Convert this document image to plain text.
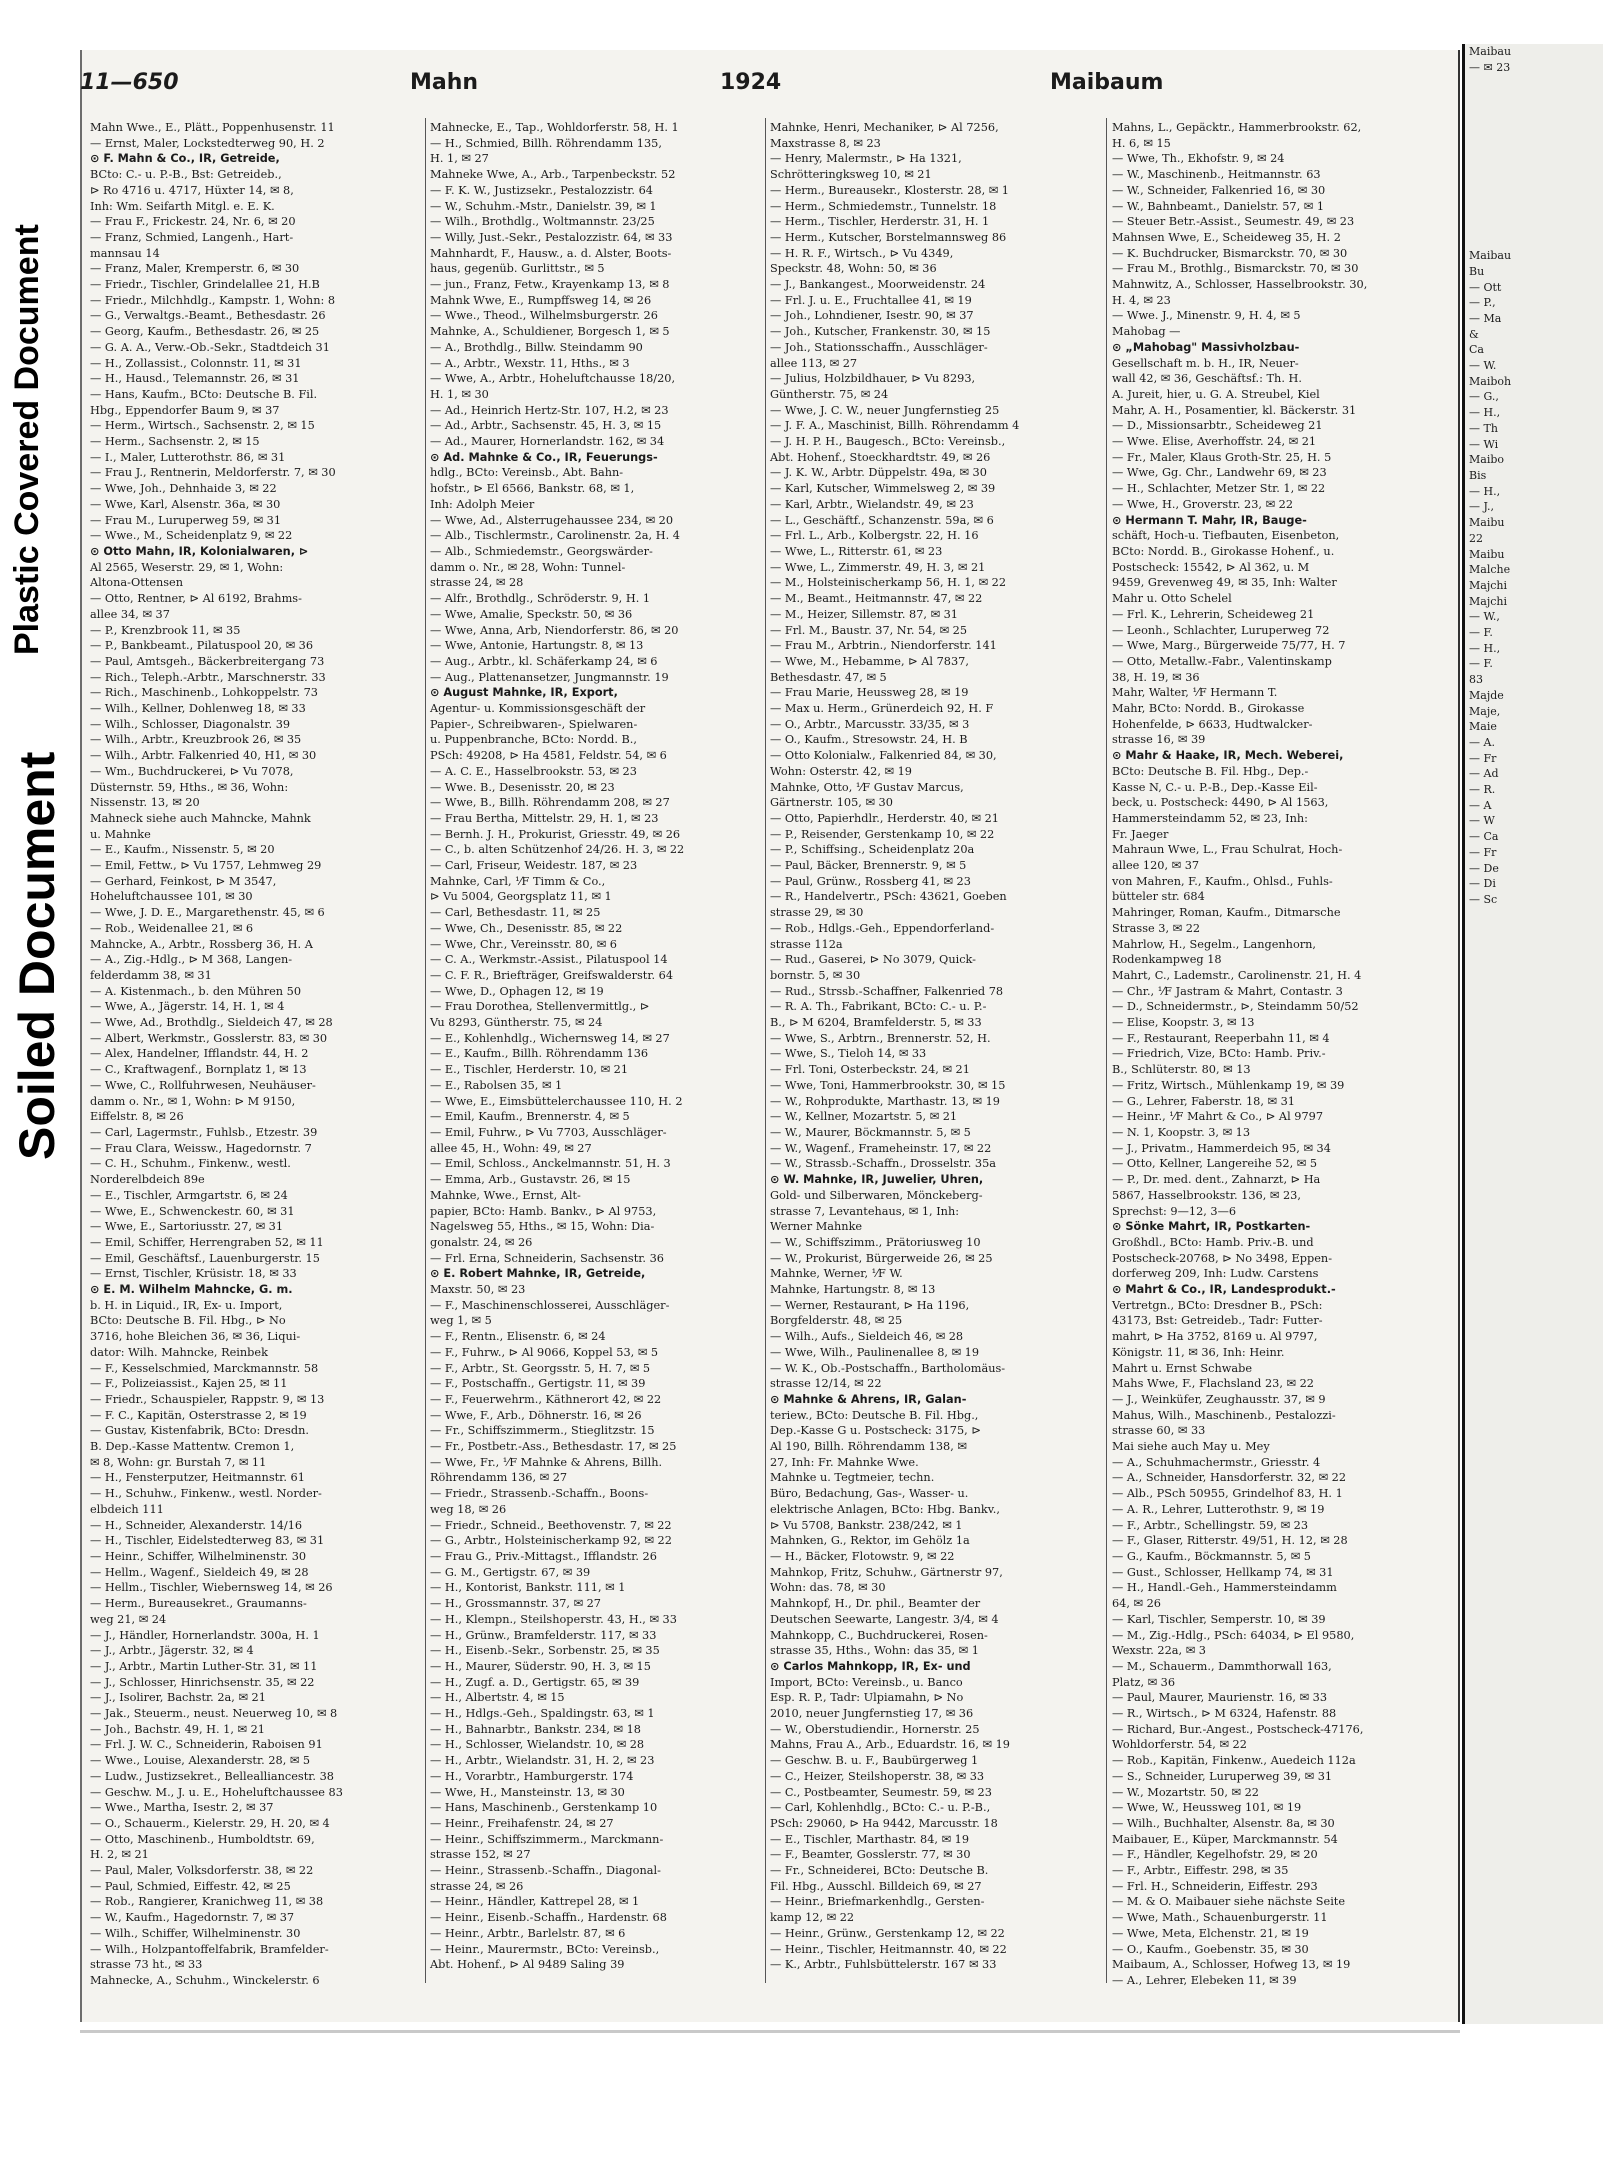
Plastic Covered Document
Soiled Document
11—650	Mahn	1924	Maibaum
Mahn Wwe., E., Plätt., Poppenhusenstr. 11
— Ernst, Maler, Lockstedterweg 90, H. 2
⊙ F. Mahn & Co., IR, Getreide,
BCto: C.- u. P.-B., Bst: Getreideb.,
⊳ Ro 4716 u. 4717, Hüxter 14, ✉ 8,
Inh: Wm. Seifarth Mitgl. e. E. K.
— Frau F., Frickestr. 24, Nr. 6, ✉ 20
— Franz, Schmied, Langenh., Hart-
mannsau 14
— Franz, Maler, Kremperstr. 6, ✉ 30
— Friedr., Tischler, Grindelallee 21, H.B
— Friedr., Milchhdlg., Kampstr. 1, Wohn: 8
— G., Verwaltgs.-Beamt., Bethesdastr. 26
— Georg, Kaufm., Bethesdastr. 26, ✉ 25
— G. A. A., Verw.-Ob.-Sekr., Stadtdeich 31
— H., Zollassist., Colonnstr. 11, ✉ 31
— H., Hausd., Telemannstr. 26, ✉ 31
— Hans, Kaufm., BCto: Deutsche B. Fil.
Hbg., Eppendorfer Baum 9, ✉ 37
— Herm., Wirtsch., Sachsenstr. 2, ✉ 15
— Herm., Sachsenstr. 2, ✉ 15
— I., Maler, Lutterothstr. 86, ✉ 31
— Frau J., Rentnerin, Meldorferstr. 7, ✉ 30
— Wwe, Joh., Dehnhaide 3, ✉ 22
— Wwe, Karl, Alsenstr. 36a, ✉ 30
— Frau M., Luruperweg 59, ✉ 31
— Wwe., M., Scheidenplatz 9, ✉ 22
⊙ Otto Mahn, IR, Kolonialwaren, ⊳
Al 2565, Weserstr. 29, ✉ 1, Wohn:
Altona-Ottensen
— Otto, Rentner, ⊳ Al 6192, Brahms-
allee 34, ✉ 37
— P., Krenzbrook 11, ✉ 35
— P., Bankbeamt., Pilatuspool 20, ✉ 36
— Paul, Amtsgeh., Bäckerbreitergang 73
— Rich., Teleph.-Arbtr., Marschnerstr. 33
— Rich., Maschinenb., Lohkoppelstr. 73
— Wilh., Kellner, Dohlenweg 18, ✉ 33
— Wilh., Schlosser, Diagonalstr. 39
— Wilh., Arbtr., Kreuzbrook 26, ✉ 35
— Wilh., Arbtr. Falkenried 40, H1, ✉ 30
— Wm., Buchdruckerei, ⊳ Vu 7078,
Düsternstr. 59, Hths., ✉ 36, Wohn:
Nissenstr. 13, ✉ 20
Mahneck siehe auch Mahncke, Mahnk
u. Mahnke
— E., Kaufm., Nissenstr. 5, ✉ 20
— Emil, Fettw., ⊳ Vu 1757, Lehmweg 29
— Gerhard, Feinkost, ⊳ M 3547,
Hoheluftchaussee 101, ✉ 30
— Wwe, J. D. E., Margarethenstr. 45, ✉ 6
— Rob., Weidenallee 21, ✉ 6
Mahncke, A., Arbtr., Rossberg 36, H. A
— A., Zig.-Hdlg., ⊳ M 368, Langen-
felderdamm 38, ✉ 31
— A. Kistenmach., b. den Mühren 50
— Wwe, A., Jägerstr. 14, H. 1, ✉ 4
— Wwe, Ad., Brothdlg., Sieldeich 47, ✉ 28
— Albert, Werkmstr., Gosslerstr. 83, ✉ 30
— Alex, Handelner, Ifflandstr. 44, H. 2
— C., Kraftwagenf., Bornplatz 1, ✉ 13
— Wwe, C., Rollfuhrwesen, Neuhäuser-
damm o. Nr., ✉ 1, Wohn: ⊳ M 9150,
Eiffelstr. 8, ✉ 26
— Carl, Lagermstr., Fuhlsb., Etzestr. 39
— Frau Clara, Weissw., Hagedornstr. 7
— C. H., Schuhm., Finkenw., westl.
Norderelbdeich 89e
— E., Tischler, Armgartstr. 6, ✉ 24
— Wwe, E., Schwenckestr. 60, ✉ 31
— Wwe, E., Sartoriusstr. 27, ✉ 31
— Emil, Schiffer, Herrengraben 52, ✉ 11
— Emil, Geschäftsf., Lauenburgerstr. 15
— Ernst, Tischler, Krüsistr. 18, ✉ 33
⊙ E. M. Wilhelm Mahncke, G. m.
b. H. in Liquid., IR, Ex- u. Import,
BCto: Deutsche B. Fil. Hbg., ⊳ No
3716, hohe Bleichen 36, ✉ 36, Liqui-
dator: Wilh. Mahncke, Reinbek
— F., Kesselschmied, Marckmannstr. 58
— F., Polizeiassist., Kajen 25, ✉ 11
— Friedr., Schauspieler, Rappstr. 9, ✉ 13
— F. C., Kapitän, Osterstrasse 2, ✉ 19
— Gustav, Kistenfabrik, BCto: Dresdn.
B. Dep.-Kasse Mattentw. Cremon 1,
✉ 8, Wohn: gr. Burstah 7, ✉ 11
— H., Fensterputzer, Heitmannstr. 61
— H., Schuhw., Finkenw., westl. Norder-
elbdeich 111
— H., Schneider, Alexanderstr. 14/16
— H., Tischler, Eidelstedterweg 83, ✉ 31
— Heinr., Schiffer, Wilhelminenstr. 30
— Hellm., Wagenf., Sieldeich 49, ✉ 28
— Hellm., Tischler, Wiebernsweg 14, ✉ 26
— Herm., Bureausekret., Graumanns-
weg 21, ✉ 24
— J., Händler, Hornerlandstr. 300a, H. 1
— J., Arbtr., Jägerstr. 32, ✉ 4
— J., Arbtr., Martin Luther-Str. 31, ✉ 11
— J., Schlosser, Hinrichsenstr. 35, ✉ 22
— J., Isolirer, Bachstr. 2a, ✉ 21
— Jak., Steuerm., neust. Neuerweg 10, ✉ 8
— Joh., Bachstr. 49, H. 1, ✉ 21
— Frl. J. W. C., Schneiderin, Raboisen 91
— Wwe., Louise, Alexanderstr. 28, ✉ 5
— Ludw., Justizsekret., Bellealliancestr. 38
— Geschw. M., J. u. E., Hoheluftchaussee 83
— Wwe., Martha, Isestr. 2, ✉ 37
— O., Schauerm., Kielerstr. 29, H. 20, ✉ 4
— Otto, Maschinenb., Humboldtstr. 69,
H. 2, ✉ 21
— Paul, Maler, Volksdorferstr. 38, ✉ 22
— Paul, Schmied, Eiffestr. 42, ✉ 25
— Rob., Rangierer, Kranichweg 11, ✉ 38
— W., Kaufm., Hagedornstr. 7, ✉ 37
— Wilh., Schiffer, Wilhelminenstr. 30
— Wilh., Holzpantoffelfabrik, Bramfelder-
strasse 73 ht., ✉ 33
Mahnecke, A., Schuhm., Winckelerstr. 6
Mahnecke, E., Tap., Wohldorferstr. 58, H. 1
— H., Schmied, Billh. Röhrendamm 135,
H. 1, ✉ 27
Mahneke Wwe, A., Arb., Tarpenbeckstr. 52
— F. K. W., Justizsekr., Pestalozzistr. 64
— W., Schuhm.-Mstr., Danielstr. 39, ✉ 1
— Wilh., Brothdlg., Woltmannstr. 23/25
— Willy, Just.-Sekr., Pestalozzistr. 64, ✉ 33
Mahnhardt, F., Hausw., a. d. Alster, Boots-
haus, gegenüb. Gurlittstr., ✉ 5
— jun., Franz, Fetw., Krayenkamp 13, ✉ 8
Mahnk Wwe, E., Rumpffsweg 14, ✉ 26
— Wwe., Theod., Wilhelmsburgerstr. 26
Mahnke, A., Schuldiener, Borgesch 1, ✉ 5
— A., Brothdlg., Billw. Steindamm 90
— A., Arbtr., Wexstr. 11, Hths., ✉ 3
— Wwe, A., Arbtr., Hoheluftchausse 18/20,
H. 1, ✉ 30
— Ad., Heinrich Hertz-Str. 107, H.2, ✉ 23
— Ad., Arbtr., Sachsenstr. 45, H. 3, ✉ 15
— Ad., Maurer, Hornerlandstr. 162, ✉ 34
⊙ Ad. Mahnke & Co., IR, Feuerungs-
hdlg., BCto: Vereinsb., Abt. Bahn-
hofstr., ⊳ El 6566, Bankstr. 68, ✉ 1,
Inh: Adolph Meier
— Wwe, Ad., Alsterrugehaussee 234, ✉ 20
— Alb., Tischlermstr., Carolinenstr. 2a, H. 4
— Alb., Schmiedemstr., Georgswärder-
damm o. Nr., ✉ 28, Wohn: Tunnel-
strasse 24, ✉ 28
— Alfr., Brothdlg., Schröderstr. 9, H. 1
— Wwe, Amalie, Speckstr. 50, ✉ 36
— Wwe, Anna, Arb, Niendorferstr. 86, ✉ 20
— Wwe, Antonie, Hartungstr. 8, ✉ 13
— Aug., Arbtr., kl. Schäferkamp 24, ✉ 6
— Aug., Plattenansetzer, Jungmannstr. 19
⊙ August Mahnke, IR, Export,
Agentur- u. Kommissionsgeschäft der
Papier-, Schreibwaren-, Spielwaren-
u. Puppenbranche, BCto: Nordd. B.,
PSch: 49208, ⊳ Ha 4581, Feldstr. 54, ✉ 6
— A. C. E., Hasselbrookstr. 53, ✉ 23
— Wwe. B., Desenisstr. 20, ✉ 23
— Wwe, B., Billh. Röhrendamm 208, ✉ 27
— Frau Bertha, Mittelstr. 29, H. 1, ✉ 23
— Bernh. J. H., Prokurist, Griesstr. 49, ✉ 26
— C., b. alten Schützenhof 24/26. H. 3, ✉ 22
— Carl, Friseur, Weidestr. 187, ✉ 23
Mahnke, Carl, ⅟F Timm & Co.,
⊳ Vu 5004, Georgsplatz 11, ✉ 1
— Carl, Bethesdastr. 11, ✉ 25
— Wwe, Ch., Desenisstr. 85, ✉ 22
— Wwe, Chr., Vereinsstr. 80, ✉ 6
— C. A., Werkmstr.-Assist., Pilatuspool 14
— C. F. R., Briefträger, Greifswalderstr. 64
— Wwe, D., Ophagen 12, ✉ 19
— Frau Dorothea, Stellenvermittlg., ⊳
Vu 8293, Güntherstr. 75, ✉ 24
— E., Kohlenhdlg., Wichernsweg 14, ✉ 27
— E., Kaufm., Billh. Röhrendamm 136
— E., Tischler, Herderstr. 10, ✉ 21
— E., Rabolsen 35, ✉ 1
— Wwe, E., Eimsbüttelerchaussee 110, H. 2
— Emil, Kaufm., Brennerstr. 4, ✉ 5
— Emil, Fuhrw., ⊳ Vu 7703, Ausschläger-
allee 45, H., Wohn: 49, ✉ 27
— Emil, Schloss., Anckelmannstr. 51, H. 3
— Emma, Arb., Gustavstr. 26, ✉ 15
Mahnke, Wwe., Ernst, Alt-
papier, BCto: Hamb. Bankv., ⊳ Al 9753,
Nagelsweg 55, Hths., ✉ 15, Wohn: Dia-
gonalstr. 24, ✉ 26
— Frl. Erna, Schneiderin, Sachsenstr. 36
⊙ E. Robert Mahnke, IR, Getreide,
Maxstr. 50, ✉ 23
— F., Maschinenschlosserei, Ausschläger-
weg 1, ✉ 5
— F., Rentn., Elisenstr. 6, ✉ 24
— F., Fuhrw., ⊳ Al 9066, Koppel 53, ✉ 5
— F., Arbtr., St. Georgsstr. 5, H. 7, ✉ 5
— F., Postschaffn., Gertigstr. 11, ✉ 39
— F., Feuerwehrm., Käthnerort 42, ✉ 22
— Wwe, F., Arb., Döhnerstr. 16, ✉ 26
— Fr., Schiffszimmerm., Stieglitzstr. 15
— Fr., Postbetr.-Ass., Bethesdastr. 17, ✉ 25
— Wwe, Fr., ⅟F Mahnke & Ahrens, Billh.
Röhrendamm 136, ✉ 27
— Friedr., Strassenb.-Schaffn., Boons-
weg 18, ✉ 26
— Friedr., Schneid., Beethovenstr. 7, ✉ 22
— G., Arbtr., Holsteinischerkamp 92, ✉ 22
— Frau G., Priv.-Mittagst., Ifflandstr. 26
— G. M., Gertigstr. 67, ✉ 39
— H., Kontorist, Bankstr. 111, ✉ 1
— H., Grossmannstr. 37, ✉ 27
— H., Klempn., Steilshoperstr. 43, H., ✉ 33
— H., Grünw., Bramfelderstr. 117, ✉ 33
— H., Eisenb.-Sekr., Sorbenstr. 25, ✉ 35
— H., Maurer, Süderstr. 90, H. 3, ✉ 15
— H., Zugf. a. D., Gertigstr. 65, ✉ 39
— H., Albertstr. 4, ✉ 15
— H., Hdlgs.-Geh., Spaldingstr. 63, ✉ 1
— H., Bahnarbtr., Bankstr. 234, ✉ 18
— H., Schlosser, Wielandstr. 10, ✉ 28
— H., Arbtr., Wielandstr. 31, H. 2, ✉ 23
— H., Vorarbtr., Hamburgerstr. 174
— Wwe, H., Mansteinstr. 13, ✉ 30
— Hans, Maschinenb., Gerstenkamp 10
— Heinr., Freihafenstr. 24, ✉ 27
— Heinr., Schiffszimmerm., Marckmann-
strasse 152, ✉ 27
— Heinr., Strassenb.-Schaffn., Diagonal-
strasse 24, ✉ 26
— Heinr., Händler, Kattrepel 28, ✉ 1
— Heinr., Eisenb.-Schaffn., Hardenstr. 68
— Heinr., Arbtr., Barlelstr. 87, ✉ 6
— Heinr., Maurermstr., BCto: Vereinsb.,
Abt. Hohenf., ⊳ Al 9489 Saling 39
Mahnke, Henri, Mechaniker, ⊳ Al 7256,
Maxstrasse 8, ✉ 23
— Henry, Malermstr., ⊳ Ha 1321,
Schrötteringksweg 10, ✉ 21
— Herm., Bureausekr., Klosterstr. 28, ✉ 1
— Herm., Schmiedemstr., Tunnelstr. 18
— Herm., Tischler, Herderstr. 31, H. 1
— Herm., Kutscher, Borstelmannsweg 86
— H. R. F., Wirtsch., ⊳ Vu 4349,
Speckstr. 48, Wohn: 50, ✉ 36
— J., Bankangest., Moorweidenstr. 24
— Frl. J. u. E., Fruchtallee 41, ✉ 19
— Joh., Lohndiener, Isestr. 90, ✉ 37
— Joh., Kutscher, Frankenstr. 30, ✉ 15
— Joh., Stationsschaffn., Ausschläger-
allee 113, ✉ 27
— Julius, Holzbildhauer, ⊳ Vu 8293,
Güntherstr. 75, ✉ 24
— Wwe, J. C. W., neuer Jungfernstieg 25
— J. F. A., Maschinist, Billh. Röhrendamm 4
— J. H. P. H., Baugesch., BCto: Vereinsb.,
Abt. Hohenf., Stoeckhardtstr. 49, ✉ 26
— J. K. W., Arbtr. Düppelstr. 49a, ✉ 30
— Karl, Kutscher, Wimmelsweg 2, ✉ 39
— Karl, Arbtr., Wielandstr. 49, ✉ 23
— L., Geschäftf., Schanzenstr. 59a, ✉ 6
— Frl. L., Arb., Kolbergstr. 22, H. 16
— Wwe, L., Ritterstr. 61, ✉ 23
— Wwe, L., Zimmerstr. 49, H. 3, ✉ 21
— M., Holsteinischerkamp 56, H. 1, ✉ 22
— M., Beamt., Heitmannstr. 47, ✉ 22
— M., Heizer, Sillemstr. 87, ✉ 31
— Frl. M., Baustr. 37, Nr. 54, ✉ 25
— Frau M., Arbtrin., Niendorferstr. 141
— Wwe, M., Hebamme, ⊳ Al 7837,
Bethesdastr. 47, ✉ 5
— Frau Marie, Heussweg 28, ✉ 19
— Max u. Herm., Grünerdeich 92, H. F
— O., Arbtr., Marcusstr. 33/35, ✉ 3
— O., Kaufm., Stresowstr. 24, H. B
— Otto Kolonialw., Falkenried 84, ✉ 30,
Wohn: Osterstr. 42, ✉ 19
Mahnke, Otto, ⅟F Gustav Marcus,
Gärtnerstr. 105, ✉ 30
— Otto, Papierhdlr., Herderstr. 40, ✉ 21
— P., Reisender, Gerstenkamp 10, ✉ 22
— P., Schiffsing., Scheidenplatz 20a
— Paul, Bäcker, Brennerstr. 9, ✉ 5
— Paul, Grünw., Rossberg 41, ✉ 23
— R., Handelvertr., PSch: 43621, Goeben
strasse 29, ✉ 30
— Rob., Hdlgs.-Geh., Eppendorferland-
strasse 112a
— Rud., Gaserei, ⊳ No 3079, Quick-
bornstr. 5, ✉ 30
— Rud., Strssb.-Schaffner, Falkenried 78
— R. A. Th., Fabrikant, BCto: C.- u. P.-
B., ⊳ M 6204, Bramfelderstr. 5, ✉ 33
— Wwe, S., Arbtrn., Brennerstr. 52, H.
— Wwe, S., Tieloh 14, ✉ 33
— Frl. Toni, Osterbeckstr. 24, ✉ 21
— Wwe, Toni, Hammerbrookstr. 30, ✉ 15
— W., Rohprodukte, Marthastr. 13, ✉ 19
— W., Kellner, Mozartstr. 5, ✉ 21
— W., Maurer, Böckmannstr. 5, ✉ 5
— W., Wagenf., Frameheinstr. 17, ✉ 22
— W., Strassb.-Schaffn., Drosselstr. 35a
⊙ W. Mahnke, IR, Juwelier, Uhren,
Gold- und Silberwaren, Mönckeberg-
strasse 7, Levantehaus, ✉ 1, Inh:
Werner Mahnke
— W., Schiffszimm., Prätoriusweg 10
— W., Prokurist, Bürgerweide 26, ✉ 25
Mahnke, Werner, ⅟F W.
Mahnke, Hartungstr. 8, ✉ 13
— Werner, Restaurant, ⊳ Ha 1196,
Borgfelderstr. 48, ✉ 25
— Wilh., Aufs., Sieldeich 46, ✉ 28
— Wwe, Wilh., Paulinenallee 8, ✉ 19
— W. K., Ob.-Postschaffn., Bartholomäus-
strasse 12/14, ✉ 22
⊙ Mahnke & Ahrens, IR, Galan-
teriew., BCto: Deutsche B. Fil. Hbg.,
Dep.-Kasse G u. Postscheck: 3175, ⊳
Al 190, Billh. Röhrendamm 138, ✉
27, Inh: Fr. Mahnke Wwe.
Mahnke u. Tegtmeier, techn.
Büro, Bedachung, Gas-, Wasser- u.
elektrische Anlagen, BCto: Hbg. Bankv.,
⊳ Vu 5708, Bankstr. 238/242, ✉ 1
Mahnken, G., Rektor, im Gehölz 1a
— H., Bäcker, Flotowstr. 9, ✉ 22
Mahnkop, Fritz, Schuhw., Gärtnerstr 97,
Wohn: das. 78, ✉ 30
Mahnkopf, H., Dr. phil., Beamter der
Deutschen Seewarte, Langestr. 3/4, ✉ 4
Mahnkopp, C., Buchdruckerei, Rosen-
strasse 35, Hths., Wohn: das 35, ✉ 1
⊙ Carlos Mahnkopp, IR, Ex- und
Import, BCto: Vereinsb., u. Banco
Esp. R. P., Tadr: Ulpiamahn, ⊳ No
2010, neuer Jungfernstieg 17, ✉ 36
— W., Oberstudiendir., Hornerstr. 25
Mahns, Frau A., Arb., Eduardstr. 16, ✉ 19
— Geschw. B. u. F., Baubürgerweg 1
— C., Heizer, Steilshoperstr. 38, ✉ 33
— C., Postbeamter, Seumestr. 59, ✉ 23
— Carl, Kohlenhdlg., BCto: C.- u. P.-B.,
PSch: 29060, ⊳ Ha 9442, Marcusstr. 18
— E., Tischler, Marthastr. 84, ✉ 19
— F., Beamter, Gosslerstr. 77, ✉ 30
— Fr., Schneiderei, BCto: Deutsche B.
Fil. Hbg., Ausschl. Billdeich 69, ✉ 27
— Heinr., Briefmarkenhdlg., Gersten-
kamp 12, ✉ 22
— Heinr., Grünw., Gerstenkamp 12, ✉ 22
— Heinr., Tischler, Heitmannstr. 40, ✉ 22
— K., Arbtr., Fuhlsbüttelerstr. 167 ✉ 33
Mahns, L., Gepäcktr., Hammerbrookstr. 62,
H. 6, ✉ 15
— Wwe, Th., Ekhofstr. 9, ✉ 24
— W., Maschinenb., Heitmannstr. 63
— W., Schneider, Falkenried 16, ✉ 30
— W., Bahnbeamt., Danielstr. 57, ✉ 1
— Steuer Betr.-Assist., Seumestr. 49, ✉ 23
Mahnsen Wwe, E., Scheideweg 35, H. 2
— K. Buchdrucker, Bismarckstr. 70, ✉ 30
— Frau M., Brothlg., Bismarckstr. 70, ✉ 30
Mahnwitz, A., Schlosser, Hasselbrookstr. 30,
H. 4, ✉ 23
— Wwe. J., Minenstr. 9, H. 4, ✉ 5
Mahobag —
⊙ „Mahobag" Massivholzbau-
Gesellschaft m. b. H., IR, Neuer-
wall 42, ✉ 36, Geschäftsf.: Th. H.
A. Jureit, hier, u. G. A. Streubel, Kiel
Mahr, A. H., Posamentier, kl. Bäckerstr. 31
— D., Missionsarbtr., Scheideweg 21
— Wwe. Elise, Averhoffstr. 24, ✉ 21
— Fr., Maler, Klaus Groth-Str. 25, H. 5
— Wwe, Gg. Chr., Landwehr 69, ✉ 23
— H., Schlachter, Metzer Str. 1, ✉ 22
— Wwe, H., Groverstr. 23, ✉ 22
⊙ Hermann T. Mahr, IR, Bauge-
schäft, Hoch-u. Tiefbauten, Eisenbeton,
BCto: Nordd. B., Girokasse Hohenf., u.
Postscheck: 15542, ⊳ Al 362, u. M
9459, Grevenweg 49, ✉ 35, Inh: Walter
Mahr u. Otto Schelel
— Frl. K., Lehrerin, Scheideweg 21
— Leonh., Schlachter, Luruperweg 72
— Wwe, Marg., Bürgerweide 75/77, H. 7
— Otto, Metallw.-Fabr., Valentinskamp
38, H. 19, ✉ 36
Mahr, Walter, ⅟F Hermann T.
Mahr, BCto: Nordd. B., Girokasse
Hohenfelde, ⊳ 6633, Hudtwalcker-
strasse 16, ✉ 39
⊙ Mahr & Haake, IR, Mech. Weberei,
BCto: Deutsche B. Fil. Hbg., Dep.-
Kasse N, C.- u. P.-B., Dep.-Kasse Eil-
beck, u. Postscheck: 4490, ⊳ Al 1563,
Hammersteindamm 52, ✉ 23, Inh:
Fr. Jaeger
Mahraun Wwe, L., Frau Schulrat, Hoch-
allee 120, ✉ 37
von Mahren, F., Kaufm., Ohlsd., Fuhls-
bütteler str. 684
Mahringer, Roman, Kaufm., Ditmarsche
Strasse 3, ✉ 22
Mahrlow, H., Segelm., Langenhorn,
Rodenkampweg 18
Mahrt, C., Lademstr., Carolinenstr. 21, H. 4
— Chr., ⅟F Jastram & Mahrt, Contastr. 3
— D., Schneidermstr., ⊳, Steindamm 50/52
— Elise, Koopstr. 3, ✉ 13
— F., Restaurant, Reeperbahn 11, ✉ 4
— Friedrich, Vize, BCto: Hamb. Priv.-
B., Schlüterstr. 80, ✉ 13
— Fritz, Wirtsch., Mühlenkamp 19, ✉ 39
— G., Lehrer, Faberstr. 18, ✉ 31
— Heinr., ⅟F Mahrt & Co., ⊳ Al 9797
— N. 1, Koopstr. 3, ✉ 13
— J., Privatm., Hammerdeich 95, ✉ 34
— Otto, Kellner, Langereihe 52, ✉ 5
— P., Dr. med. dent., Zahnarzt, ⊳ Ha
5867, Hasselbrookstr. 136, ✉ 23,
Sprechst: 9—12, 3—6
⊙ Sönke Mahrt, IR, Postkarten-
Großhdl., BCto: Hamb. Priv.-B. und
Postscheck-20768, ⊳ No 3498, Eppen-
dorferweg 209, Inh: Ludw. Carstens
⊙ Mahrt & Co., IR, Landesprodukt.-
Vertretgn., BCto: Dresdner B., PSch:
43173, Bst: Getreideb., Tadr: Futter-
mahrt, ⊳ Ha 3752, 8169 u. Al 9797,
Königstr. 11, ✉ 36, Inh: Heinr.
Mahrt u. Ernst Schwabe
Mahs Wwe, F., Flachsland 23, ✉ 22
— J., Weinküfer, Zeughausstr. 37, ✉ 9
Mahus, Wilh., Maschinenb., Pestalozzi-
strasse 60, ✉ 33
Mai siehe auch May u. Mey
— A., Schuhmachermstr., Griesstr. 4
— A., Schneider, Hansdorferstr. 32, ✉ 22
— Alb., PSch 50955, Grindelhof 83, H. 1
— A. R., Lehrer, Lutterothstr. 9, ✉ 19
— F., Arbtr., Schellingstr. 59, ✉ 23
— F., Glaser, Ritterstr. 49/51, H. 12, ✉ 28
— G., Kaufm., Böckmannstr. 5, ✉ 5
— Gust., Schlosser, Hellkamp 74, ✉ 31
— H., Handl.-Geh., Hammersteindamm
64, ✉ 26
— Karl, Tischler, Semperstr. 10, ✉ 39
— M., Zig.-Hdlg., PSch: 64034, ⊳ El 9580,
Wexstr. 22a, ✉ 3
— M., Schauerm., Dammthorwall 163,
Platz, ✉ 36
— Paul, Maurer, Maurienstr. 16, ✉ 33
— R., Wirtsch., ⊳ M 6324, Hafenstr. 88
— Richard, Bur.-Angest., Postscheck-47176,
Wohldorferstr. 54, ✉ 22
— Rob., Kapitän, Finkenw., Auedeich 112a
— S., Schneider, Luruperweg 39, ✉ 31
— W., Mozartstr. 50, ✉ 22
— Wwe, W., Heussweg 101, ✉ 19
— Wilh., Buchhalter, Alsenstr. 8a, ✉ 30
Maibauer, E., Küper, Marckmannstr. 54
— F., Händler, Kegelhofstr. 29, ✉ 20
— F., Arbtr., Eiffestr. 298, ✉ 35
— Frl. H., Schneiderin, Eiffestr. 293
— M. & O. Maibauer siehe nächste Seite
— Wwe, Math., Schauenburgerstr. 11
— Wwe, Meta, Elchenstr. 21, ✉ 19
— O., Kaufm., Goebenstr. 35, ✉ 30
Maibaum, A., Schlosser, Hofweg 13, ✉ 19
— A., Lehrer, Elebeken 11, ✉ 39
Maibau
— ✉ 23

Maibau
Bu
— Ott
— P.,
— Ma
&
Ca
— W.
Maiboh
— G.,
— H.,
— Th
— Wi
Maibo
Bis
— H.,
— J.,
Maibu
22
Maibu
Malche
Majchi
Majchi
— W.,
— F.
— H.,
— F.
83
Majde
Maje,
Maie
— A.
— Fr
— Ad
— R.
— A
— W
— Ca
— Fr
— De
— Di
— Sc
